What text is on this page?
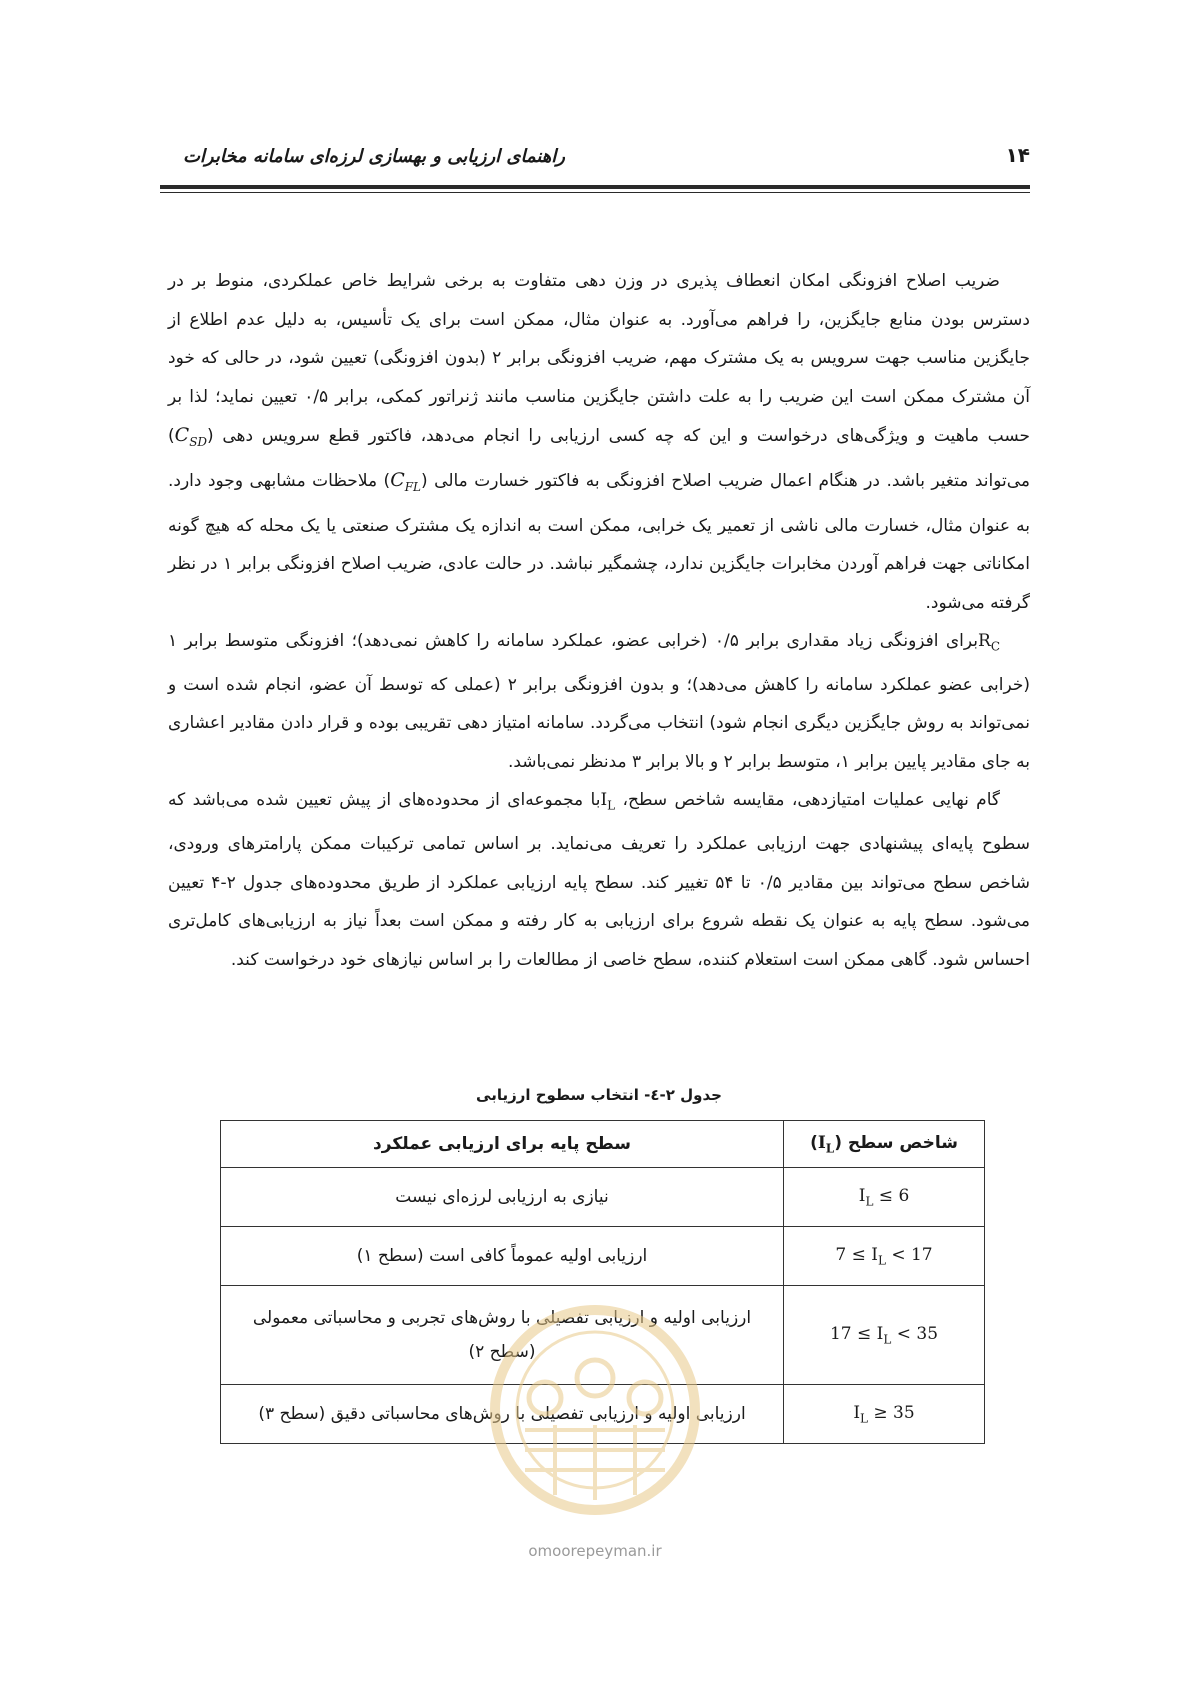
۱۴
راهنمای ارزیابی و بهسازی لرزه‌ای سامانه مخابرات

ضریب اصلاح افزونگی امکان انعطاف پذیری در وزن دهی متفاوت به برخی شرایط خاص عملکردی، منوط بر در دسترس بودن منابع جایگزین، را فراهم می‌آورد. به عنوان مثال، ممکن است برای یک تأسیس، به دلیل عدم اطلاع از جایگزین مناسب جهت سرویس به یک مشترک مهم، ضریب افزونگی برابر ۲ (بدون افزونگی) تعیین شود، در حالی که خود آن مشترک ممکن است این ضریب را به علت داشتن جایگزین مناسب مانند ژنراتور کمکی، برابر ۰/۵ تعیین نماید؛ لذا بر حسب ماهیت و ویژگی‌های درخواست و این که چه کسی ارزیابی را انجام می‌دهد، فاکتور قطع سرویس دهی $(C_{SD})$ می‌تواند متغیر باشد. در هنگام اعمال ضریب اصلاح افزونگی به فاکتور خسارت مالی $(C_{FL})$ ملاحظات مشابهی وجود دارد. به عنوان مثال، خسارت مالی ناشی از تعمیر یک خرابی، ممکن است به اندازه یک مشترک صنعتی یا یک محله که هیچ گونه امکاناتی جهت فراهم آوردن مخابرات جایگزین ندارد، چشمگیر نباشد. در حالت عادی، ضریب اصلاح افزونگی برابر ۱ در نظر گرفته می‌شود.

$R_Cبرای$ افزونگی زیاد مقداری برابر ۰/۵ (خرابی عضو، عملکرد سامانه را کاهش نمی‌دهد)؛ افزونگی متوسط برابر ۱ (خرابی عضو عملکرد سامانه را کاهش می‌دهد)؛ و بدون افزونگی برابر ۲ (عملی که توسط آن عضو، انجام شده است و نمی‌تواند به روش جایگزین دیگری انجام شود) انتخاب می‌گردد. سامانه امتیاز دهی تقریبی بوده و قرار دادن مقادیر اعشاری به جای مقادیر پایین برابر ۱، متوسط برابر ۲ و بالا برابر ۳ مدنظر نمی‌باشد.

گام نهایی عملیات امتیازدهی، مقایسه شاخص سطح، $I_Lبا$ مجموعه‌ای از محدوده‌های از پیش تعیین شده می‌باشد که سطوح پایه‌ای پیشنهادی جهت ارزیابی عملکرد را تعریف می‌نماید. بر اساس تمامی ترکیبات ممکن پارامترهای ورودی، شاخص سطح می‌تواند بین مقادیر ۰/۵ تا ۵۴ تغییر کند. سطح پایه ارزیابی عملکرد از طریق محدوده‌های جدول ۲-۴ تعیین می‌شود. سطح پایه به عنوان یک نقطه شروع برای ارزیابی به کار رفته و ممکن است بعداً نیاز به ارزیابی‌های کامل‌تری احساس شود. گاهی ممکن است استعلام کننده، سطح خاصی از مطالعات را بر اساس نیازهای خود درخواست کند.

جدول ۲-٤- انتخاب سطوح ارزیابی
شاخص سطح $(I_L)$	سطح پایه برای ارزیابی عملکرد
$I_L \le 6$	نیازی به ارزیابی لرزه‌ای نیست
$7 \le I_L < 17$	ارزیابی اولیه عموماً کافی است (سطح ۱)
$17 \le I_L < 35$	ارزیابی اولیه و ارزیابی تفصیلی با روش‌های تجربی و محاسباتی معمولی (سطح ۲)
$I_L \ge 35$	ارزیابی اولیه و ارزیابی تفصیلی با روش‌های محاسباتی دقیق (سطح ۳)
omoorepeyman.ir
